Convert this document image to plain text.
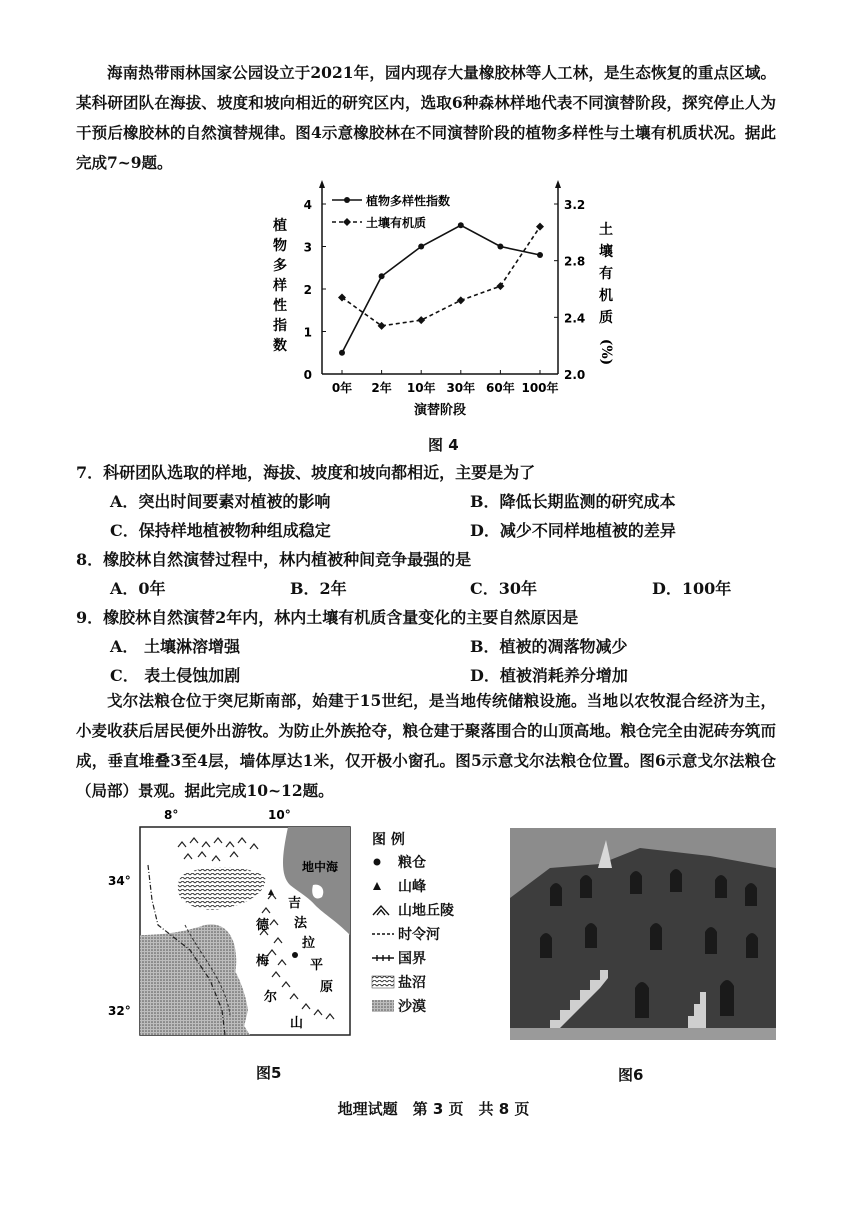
海南热带雨林国家公园设立于2021年，园内现存大量橡胶林等人工林，是生态恢复的重点区域。某科研团队在海拔、坡度和坡向相近的研究区内，选取6种森林样地代表不同演替阶段，探究停止人为干预后橡胶林的自然演替规律。图4示意橡胶林在不同演替阶段的植物多样性与土壤有机质状况。据此完成7~9题。

0
1
2
3
4
2.0
2.4
2.8
3.2
0年 2年 10年 30年 60年 100年
演替阶段
植
物
多
样
性
指
数
土
壤
有
机
质
(%)
植物多样性指数
土壤有机质
图 4

7．科研团队选取的样地，海拔、坡度和坡向都相近，主要是为了

A．突出时间要素对植被的影响	B．降低长期监测的研究成本
C．保持样地植被物种组成稳定	D．减少不同样地植被的差异

8．橡胶林自然演替过程中，林内植被种间竞争最强的是

A．0年	B．2年	C．30年	D．100年

9．橡胶林自然演替2年内，林内土壤有机质含量变化的主要自然原因是

A． 土壤淋溶增强	B．植被的凋落物减少
C． 表土侵蚀加剧	D．植被消耗养分增加

戈尔法粮仓位于突尼斯南部，始建于15世纪，是当地传统储粮设施。当地以农牧混合经济为主，小麦收获后居民便外出游牧。为防止外族抢夺，粮仓建于聚落围合的山顶高地。粮仓完全由泥砖夯筑而成，垂直堆叠3至4层，墙体厚达1米，仅开极小窗孔。图5示意戈尔法粮仓位置。图6示意戈尔法粮仓（局部）景观。据此完成10~12题。

8°	10°
34°
32°
地中海
吉
法
拉
平
原
德
梅
尔
山
图 例
粮仓
山峰
山地丘陵
时令河
国界
盐沼
沙漠
图5	图6
地理试题　第 3 页　共 8 页
